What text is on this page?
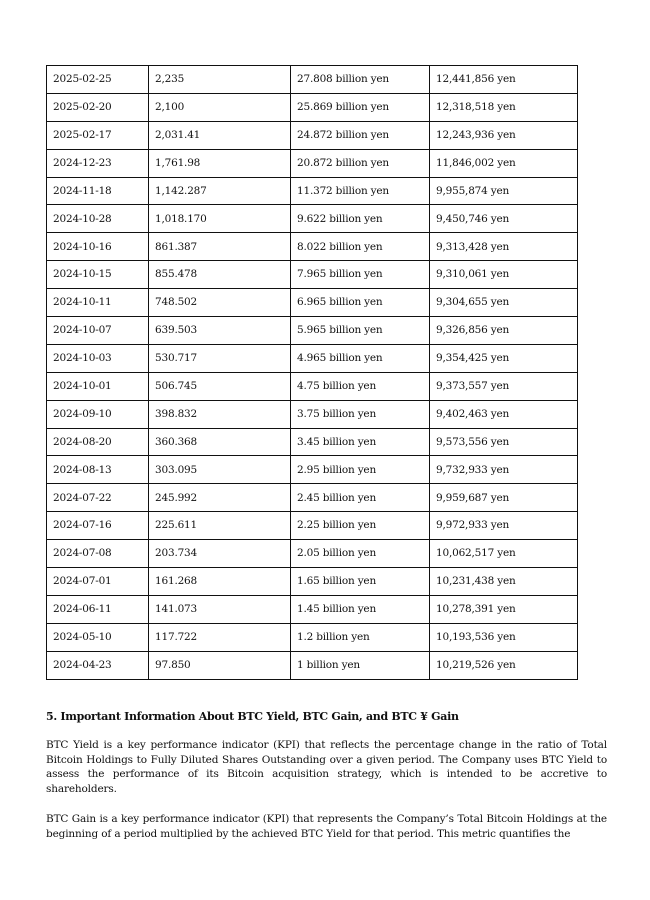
2025-02-25	2,235	27.808 billion yen	12,441,856 yen
2025-02-20	2,100	25.869 billion yen	12,318,518 yen
2025-02-17	2,031.41	24.872 billion yen	12,243,936 yen
2024-12-23	1,761.98	20.872 billion yen	11,846,002 yen
2024-11-18	1,142.287	11.372 billion yen	9,955,874 yen
2024-10-28	1,018.170	9.622 billion yen	9,450,746 yen
2024-10-16	861.387	8.022 billion yen	9,313,428 yen
2024-10-15	855.478	7.965 billion yen	9,310,061 yen
2024-10-11	748.502	6.965 billion yen	9,304,655 yen
2024-10-07	639.503	5.965 billion yen	9,326,856 yen
2024-10-03	530.717	4.965 billion yen	9,354,425 yen
2024-10-01	506.745	4.75 billion yen	9,373,557 yen
2024-09-10	398.832	3.75 billion yen	9,402,463 yen
2024-08-20	360.368	3.45 billion yen	9,573,556 yen
2024-08-13	303.095	2.95 billion yen	9,732,933 yen
2024-07-22	245.992	2.45 billion yen	9,959,687 yen
2024-07-16	225.611	2.25 billion yen	9,972,933 yen
2024-07-08	203.734	2.05 billion yen	10,062,517 yen
2024-07-01	161.268	1.65 billion yen	10,231,438 yen
2024-06-11	141.073	1.45 billion yen	10,278,391 yen
2024-05-10	117.722	1.2 billion yen	10,193,536 yen
2024-04-23	97.850	1 billion yen	10,219,526 yen
5. Important Information About BTC Yield, BTC Gain, and BTC ¥ Gain

BTC Yield is a key performance indicator (KPI) that reflects the percentage change in the ratio of Total Bitcoin Holdings to Fully Diluted Shares Outstanding over a given period. The Company uses BTC Yield to assess the performance of its Bitcoin acquisition strategy, which is intended to be accretive to shareholders.

BTC Gain is a key performance indicator (KPI) that represents the Company’s Total Bitcoin Holdings at the beginning of a period multiplied by the achieved BTC Yield for that period. This metric quantifies the
